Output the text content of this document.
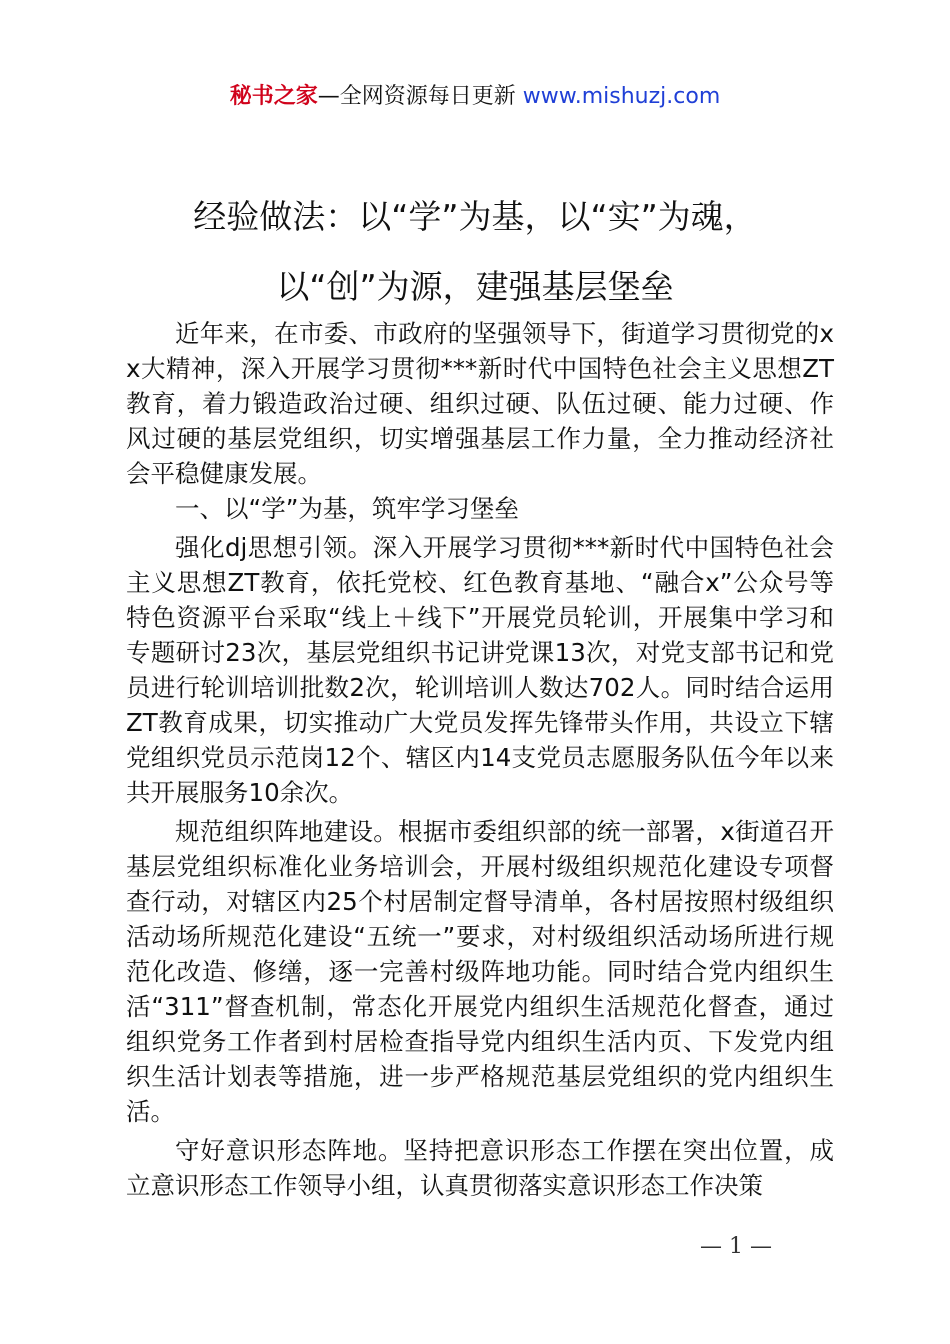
秘书之家—全网资源每日更新 www.mishuzj.com
经验做法：以“学”为基，以“实”为魂，
以“创”为源，建强基层堡垒

近年来，在市委、市政府的坚强领导下，街道学习贯彻党的xx大精神，深入开展学习贯彻***新时代中国特色社会主义思想ZT教育，着力锻造政治过硬、组织过硬、队伍过硬、能力过硬、作风过硬的基层党组织，切实增强基层工作力量，全力推动经济社会平稳健康发展。

一、以“学”为基，筑牢学习堡垒

强化dj思想引领。深入开展学习贯彻***新时代中国特色社会主义思想ZT教育，依托党校、红色教育基地、“融合x”公众号等特色资源平台采取“线上＋线下”开展党员轮训，开展集中学习和专题研讨23次，基层党组织书记讲党课13次，对党支部书记和党员进行轮训培训批数2次，轮训培训人数达702人。同时结合运用ZT教育成果，切实推动广大党员发挥先锋带头作用，共设立下辖党组织党员示范岗12个、辖区内14支党员志愿服务队伍今年以来共开展服务10余次。

规范组织阵地建设。根据市委组织部的统一部署，x街道召开基层党组织标准化业务培训会，开展村级组织规范化建设专项督查行动，对辖区内25个村居制定督导清单，各村居按照村级组织活动场所规范化建设“五统一”要求，对村级组织活动场所进行规范化改造、修缮，逐一完善村级阵地功能。同时结合党内组织生活“311”督查机制，常态化开展党内组织生活规范化督查，通过组织党务工作者到村居检查指导党内组织生活内页、下发党内组织生活计划表等措施，进一步严格规范基层党组织的党内组织生活。

守好意识形态阵地。坚持把意识形态工作摆在突出位置，成立意识形态工作领导小组，认真贯彻落实意识形态工作决策

— 1 —
